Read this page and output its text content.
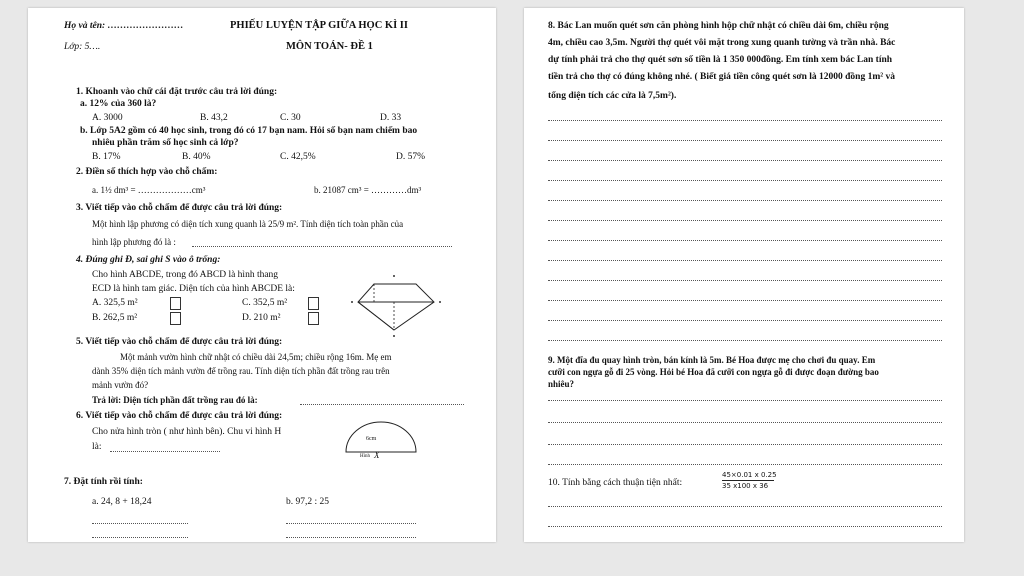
Họ và tên: ……………………	PHIẾU LUYỆN TẬP GIỮA HỌC KÌ II
Lớp: 5….	MÔN TOÁN- ĐỀ 1
1. Khoanh vào chữ cái đặt trước câu trả lời đúng:
a. 12% của 360 là?
A. 3000	B. 43,2	C. 30	D. 33
b. Lớp 5A2 gồm có 40 học sinh, trong đó có 17 bạn nam. Hỏi số bạn nam chiếm bao
nhiêu phần trăm số học sinh cả lớp?
B. 17%	B. 40%	C. 42,5%	D. 57%
2. Điền số thích hợp vào chỗ chấm:
a. 1½ dm³ = ………………cm³	b. 21087 cm³ = …………dm³
3. Viết tiếp vào chỗ chấm để được câu trả lời đúng:
Một hình lập phương có diện tích xung quanh là 25/9 m². Tính diện tích toàn phần của
hình lập phương đó là :
4. Đúng ghi Đ, sai ghi S vào ô trống:
Cho hình ABCDE, trong đó ABCD là hình thang
ECD là hình tam giác. Diện tích của hình ABCDE là:
A. 325,5 m²	C. 352,5 m²
B. 262,5 m²	D. 210 m²
5. Viết tiếp vào chỗ chấm để được câu trả lời đúng:
Một mảnh vườn hình chữ nhật có chiều dài 24,5m; chiều rộng 16m. Mẹ em
dành 35% diện tích mảnh vườn để trồng rau. Tính diện tích phần đất trồng rau trên
mảnh vườn đó?
Trả lời: Diện tích phần đất trồng rau đó là:
6. Viết tiếp vào chỗ chấm để được câu trả lời đúng:
Cho nửa hình tròn ( như hình bên). Chu vi hình H
là:
6cm
Hình X
7. Đặt tính rồi tính:
a. 24, 8 + 18,24	b. 97,2 : 25
8. Bác Lan muốn quét sơn căn phòng hình hộp chữ nhật có chiều dài 6m, chiều rộng
4m, chiều cao 3,5m. Người thợ quét vôi mặt trong xung quanh tường và trần nhà. Bác
dự tính phải trả cho thợ quét sơn số tiền là 1 350 000đồng. Em tính xem bác Lan tính
tiền trả cho thợ có đúng không nhé. ( Biết giá tiền công quét sơn là 12000 đồng 1m² và
tổng diện tích các cửa là 7,5m²).
9. Một đĩa đu quay hình tròn, bán kính là 5m. Bé Hoa được mẹ cho chơi đu quay. Em
cưỡi con ngựa gỗ đi 25 vòng. Hỏi bé Hoa đã cưỡi con ngựa gỗ đi được đoạn đường bao
nhiêu?
10. Tính bằng cách thuận tiện nhất:
45×0.01 x 0.25
35 x100 x 36
